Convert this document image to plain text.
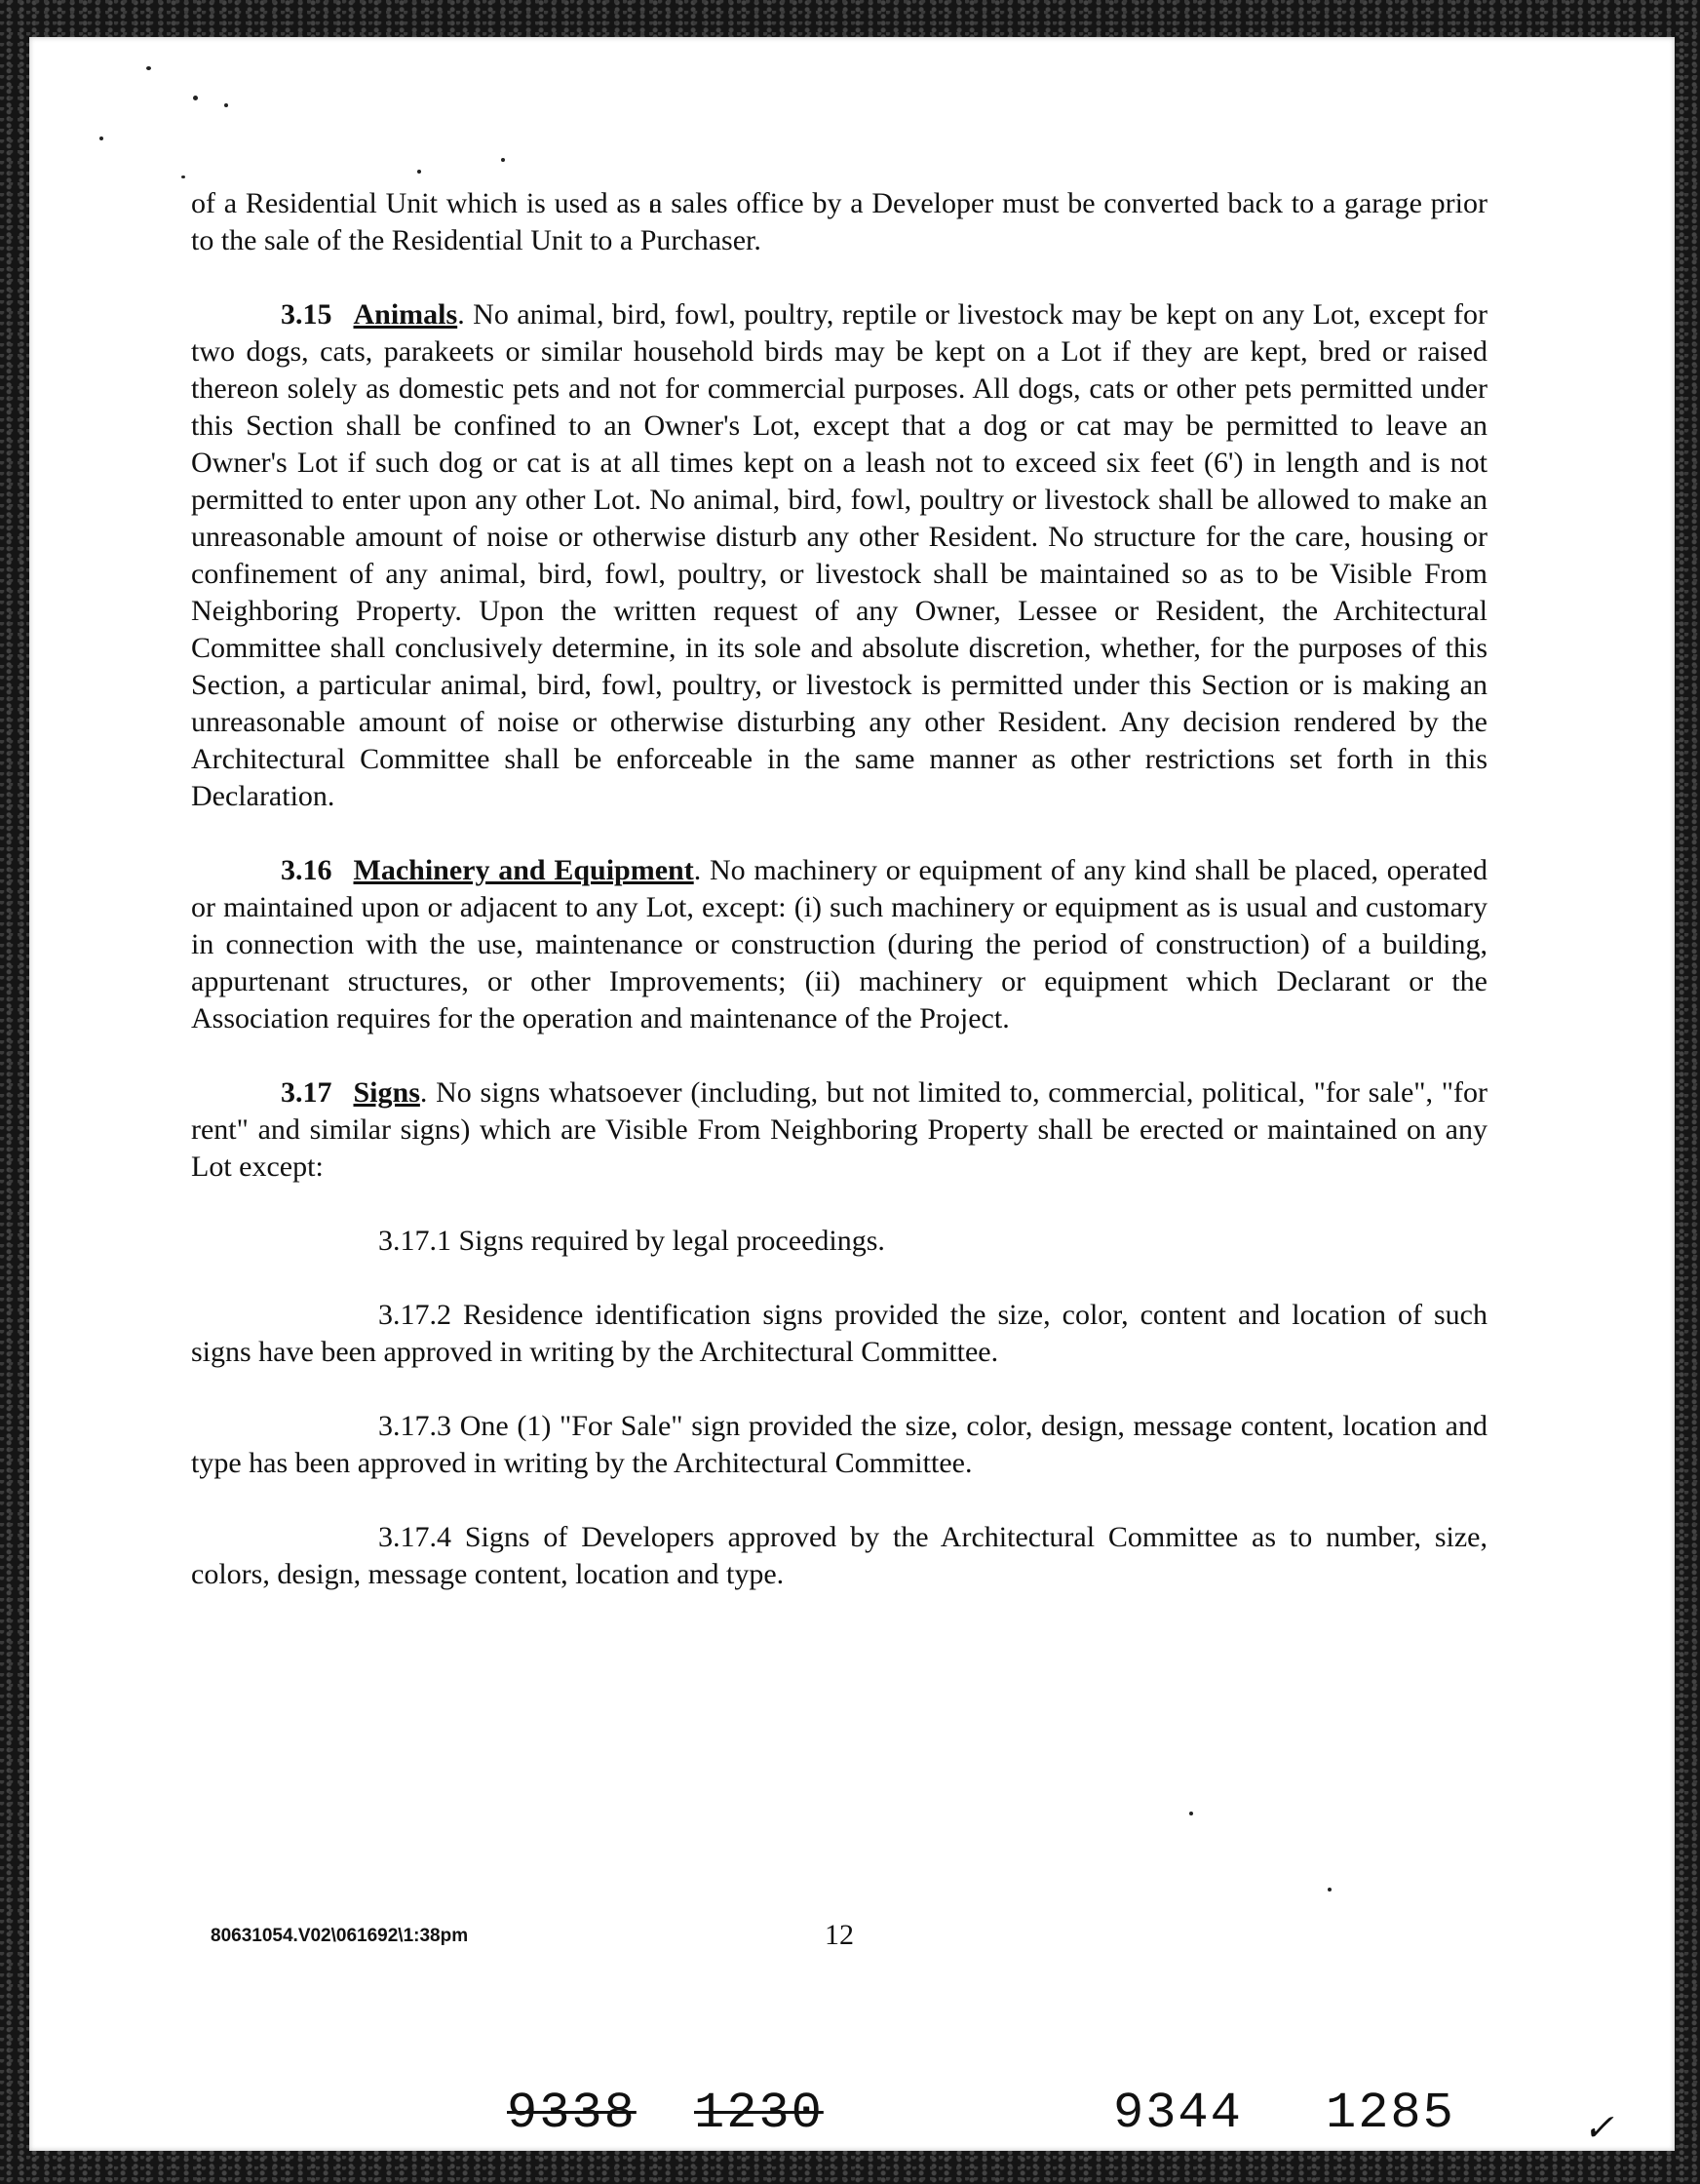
of a Residential Unit which is used as a sales office by a Developer must be converted back to a garage prior to the sale of the Residential Unit to a Purchaser.

3.15 Animals. No animal, bird, fowl, poultry, reptile or livestock may be kept on any Lot, except for two dogs, cats, parakeets or similar household birds may be kept on a Lot if they are kept, bred or raised thereon solely as domestic pets and not for commercial purposes. All dogs, cats or other pets permitted under this Section shall be confined to an Owner's Lot, except that a dog or cat may be permitted to leave an Owner's Lot if such dog or cat is at all times kept on a leash not to exceed six feet (6') in length and is not permitted to enter upon any other Lot. No animal, bird, fowl, poultry or livestock shall be allowed to make an unreasonable amount of noise or otherwise disturb any other Resident. No structure for the care, housing or confinement of any animal, bird, fowl, poultry, or livestock shall be maintained so as to be Visible From Neighboring Property. Upon the written request of any Owner, Lessee or Resident, the Architectural Committee shall conclusively determine, in its sole and absolute discretion, whether, for the purposes of this Section, a particular animal, bird, fowl, poultry, or livestock is permitted under this Section or is making an unreasonable amount of noise or otherwise disturbing any other Resident. Any decision rendered by the Architectural Committee shall be enforceable in the same manner as other restrictions set forth in this Declaration.

3.16 Machinery and Equipment. No machinery or equipment of any kind shall be placed, operated or maintained upon or adjacent to any Lot, except: (i) such machinery or equipment as is usual and customary in connection with the use, maintenance or construction (during the period of construction) of a building, appurtenant structures, or other Improvements; (ii) machinery or equipment which Declarant or the Association requires for the operation and maintenance of the Project.

3.17 Signs. No signs whatsoever (including, but not limited to, commercial, political, "for sale", "for rent" and similar signs) which are Visible From Neighboring Property shall be erected or maintained on any Lot except:

3.17.1 Signs required by legal proceedings.

3.17.2 Residence identification signs provided the size, color, content and location of such signs have been approved in writing by the Architectural Committee.

3.17.3 One (1) "For Sale" sign provided the size, color, design, message content, location and type has been approved in writing by the Architectural Committee.

3.17.4 Signs of Developers approved by the Architectural Committee as to number, size, colors, design, message content, location and type.

80631054.V02\061692\1:38pm	12
9338 1230	9344 1285	✓
